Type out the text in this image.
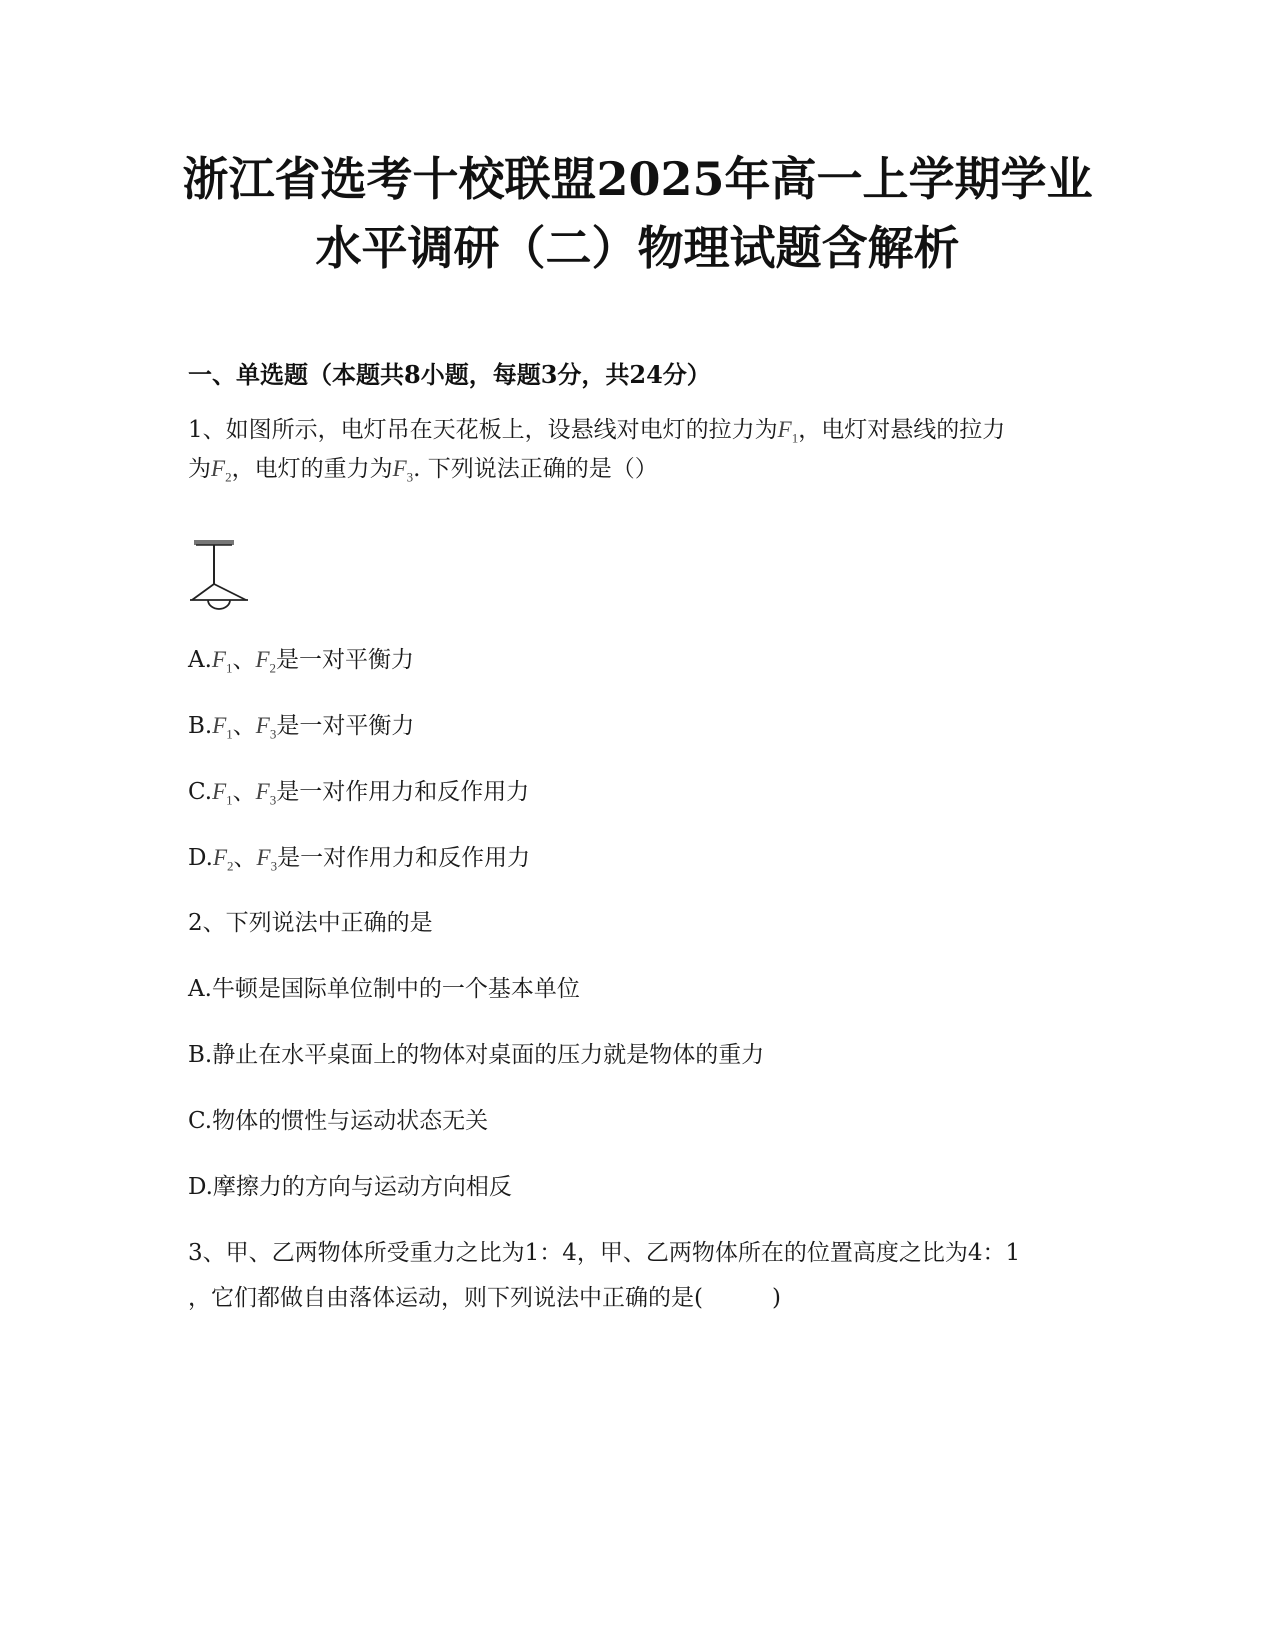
浙江省选考十校联盟2025年高一上学期学业
水平调研（二）物理试题含解析
一、单选题（本题共8小题，每题3分，共24分）
1、如图所示，电灯吊在天花板上，设悬线对电灯的拉力为$F_1$，电灯对悬线的拉力
为$F_2$，电灯的重力为$F_3$. 下列说法正确的是（）
$A.F_1$、$F_2$是一对平衡力
$B.F_1$、$F_3$是一对平衡力
$C.F_1$、$F_3$是一对作用力和反作用力
$D.F_2$、$F_3$是一对作用力和反作用力
2、下列说法中正确的是
A.牛顿是国际单位制中的一个基本单位
B.静止在水平桌面上的物体对桌面的压力就是物体的重力
C.物体的惯性与运动状态无关
D.摩擦力的方向与运动方向相反
3、甲、乙两物体所受重力之比为1：4，甲、乙两物体所在的位置高度之比为4：1
，它们都做自由落体运动，则下列说法中正确的是(　　　)
